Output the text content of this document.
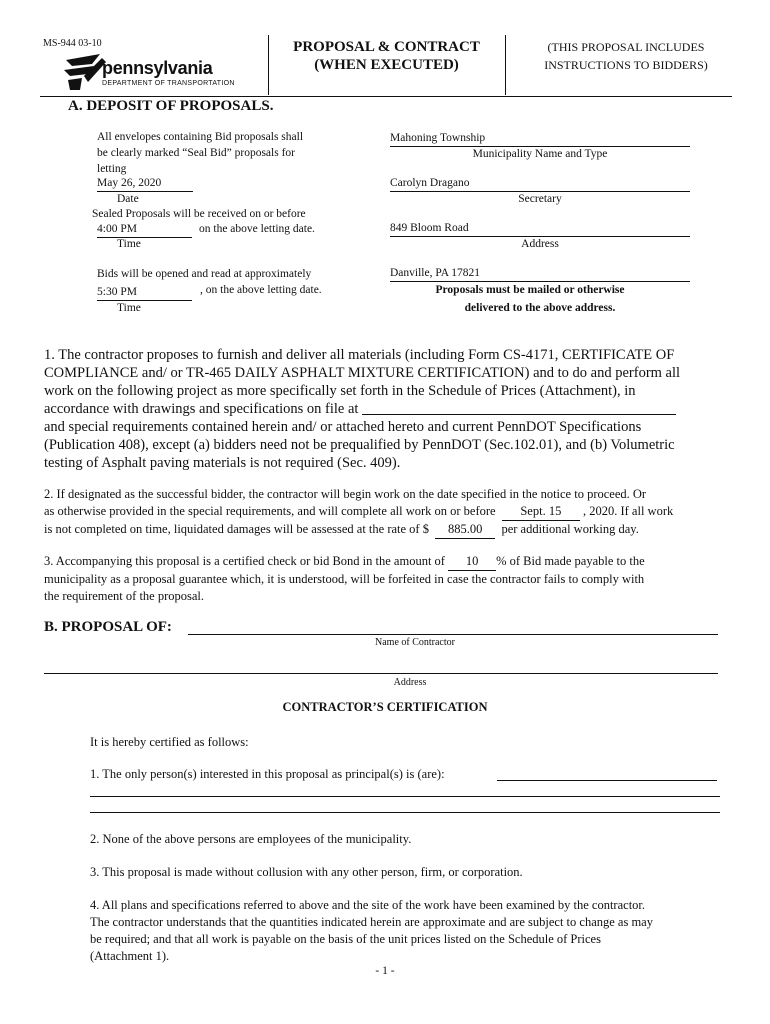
MS-944 03-10
pennsylvania
DEPARTMENT OF TRANSPORTATION
PROPOSAL & CONTRACT
(WHEN EXECUTED)
(THIS PROPOSAL INCLUDES
INSTRUCTIONS TO BIDDERS)
A. DEPOSIT OF PROPOSALS.
All envelopes containing Bid proposals shall
be clearly marked “Seal Bid” proposals for
letting
May 26, 2020
Date
Sealed Proposals will be received on or before
4:00 PM	on the above letting date.
Time
Bids will be opened and read at approximately
5:30 PM	, on the above letting date.
Time
Mahoning Township
Municipality Name and Type
Carolyn Dragano
Secretary
849 Bloom Road
Address
Danville, PA 17821
Proposals must be mailed or otherwise
delivered to the above address.
1. The contractor proposes to furnish and deliver all materials (including Form CS-4171, CERTIFICATE OF
COMPLIANCE and/ or TR-465 DAILY ASPHALT MIXTURE CERTIFICATION) and to do and perform all
work on the following project as more specifically set forth in the Schedule of Prices (Attachment), in
accordance with drawings and specifications on file at
and special requirements contained herein and/ or attached hereto and current PennDOT Specifications
(Publication 408), except (a) bidders need not be prequalified by PennDOT (Sec.102.01), and (b) Volumetric
testing of Asphalt paving materials is not required (Sec. 409).
2. If designated as the successful bidder, the contractor will begin work on the date specified in the notice to proceed. Or
as otherwise provided in the special requirements, and will complete all work on or before Sept. 15 , 2020. If all work
is not completed on time, liquidated damages will be assessed at the rate of $ 885.00 per additional working day.
3. Accompanying this proposal is a certified check or bid Bond in the amount of 10 % of Bid made payable to the
municipality as a proposal guarantee which, it is understood, will be forfeited in case the contractor fails to comply with
the requirement of the proposal.
B. PROPOSAL OF:
Name of Contractor
Address
CONTRACTOR’S CERTIFICATION
It is hereby certified as follows:
1. The only person(s) interested in this proposal as principal(s) is (are):
2. None of the above persons are employees of the municipality.
3. This proposal is made without collusion with any other person, firm, or corporation.
4. All plans and specifications referred to above and the site of the work have been examined by the contractor.
The contractor understands that the quantities indicated herein are approximate and are subject to change as may
be required; and that all work is payable on the basis of the unit prices listed on the Schedule of Prices
(Attachment 1).
- 1 -
